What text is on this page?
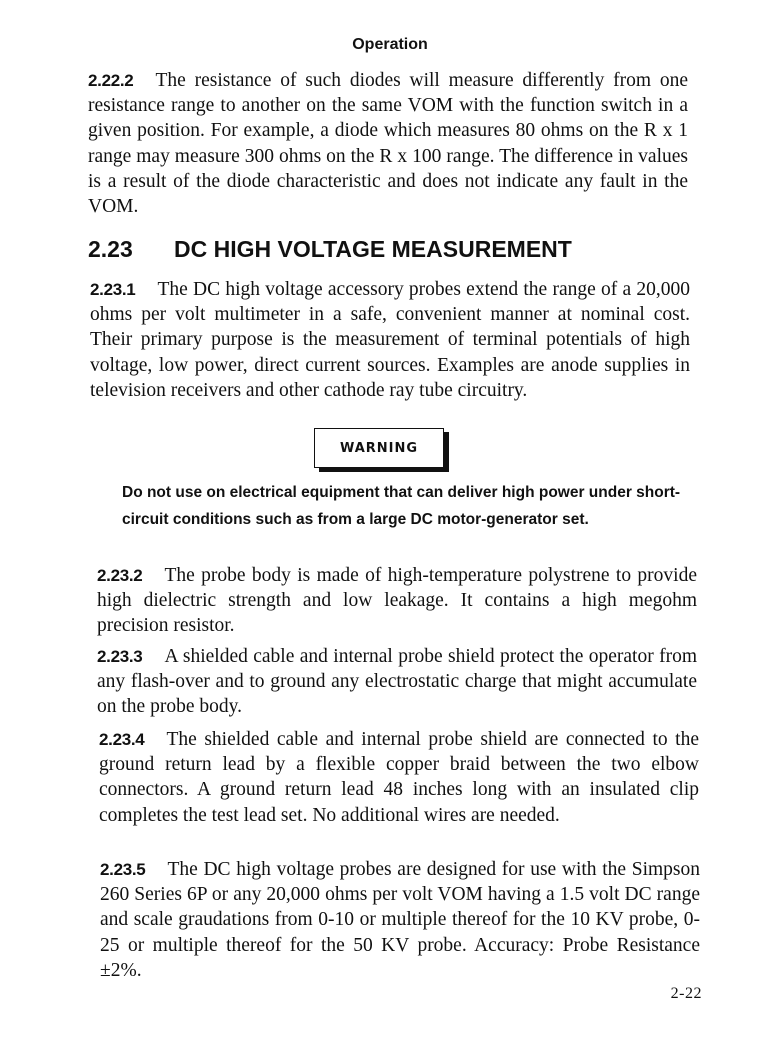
Operation

2.22.2 The resistance of such diodes will measure differently from one resistance range to another on the same VOM with the function switch in a given position. For example, a diode which measures 80 ohms on the R x 1 range may measure 300 ohms on the R x 100 range. The difference in values is a result of the diode characteristic and does not indicate any fault in the VOM.

2.23 DC HIGH VOLTAGE MEASUREMENT

2.23.1 The DC high voltage accessory probes extend the range of a 20,000 ohms per volt multimeter in a safe, convenient manner at nominal cost. Their primary purpose is the measurement of terminal potentials of high voltage, low power, direct current sources. Examples are anode supplies in television receivers and other cathode ray tube circuitry.

WARNING

Do not use on electrical equipment that can deliver high power under short-circuit conditions such as from a large DC motor-generator set.

2.23.2 The probe body is made of high-temperature polystrene to provide high dielectric strength and low leakage. It contains a high megohm precision resistor.

2.23.3 A shielded cable and internal probe shield protect the operator from any flash-over and to ground any electrostatic charge that might accumulate on the probe body.

2.23.4 The shielded cable and internal probe shield are connected to the ground return lead by a flexible copper braid between the two elbow connectors. A ground return lead 48 inches long with an insulated clip completes the test lead set. No additional wires are needed.

2.23.5 The DC high voltage probes are designed for use with the Simpson 260 Series 6P or any 20,000 ohms per volt VOM having a 1.5 volt DC range and scale graudations from 0-10 or multiple thereof for the 10 KV probe, 0-25 or multiple thereof for the 50 KV probe. Accuracy: Probe Resistance ±2%.

2-22
